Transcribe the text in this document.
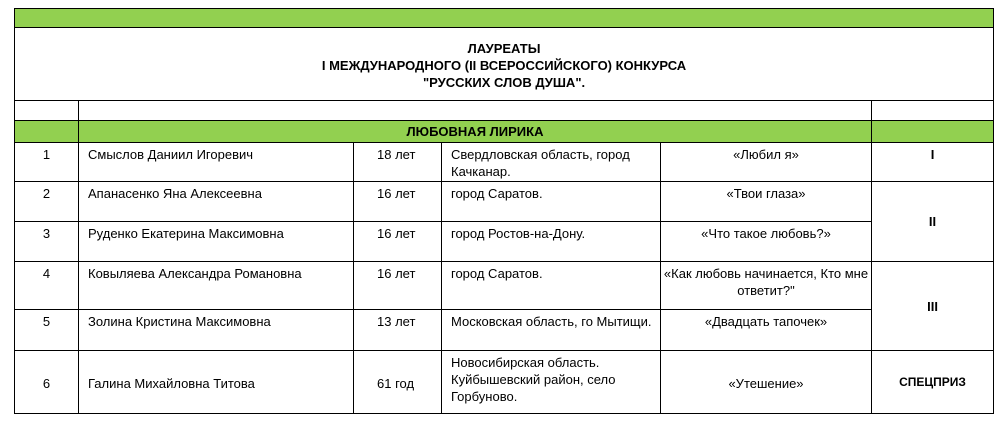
ЛАУРЕАТЫ
I МЕЖДУНАРОДНОГО (II ВСЕРОССИЙСКОГО) КОНКУРСА
"РУССКИХ СЛОВ ДУША".					

	ЛЮБОВНАЯ ЛИРИКА				
1	Смыслов Даниил Игоревич	18 лет	Свердловская область, город Качканар.	«Любил я»	I
2	Апанасенко Яна Алексеевна	16 лет	город Саратов.	«Твои глаза»	II
3	Руденко Екатерина Максимовна	16 лет	город Ростов-на-Дону.	«Что такое любовь?»	
4	Ковыляева Александра Романовна	16 лет	город Саратов.	«Как любовь начинается, Кто мне ответит?"	III
5	Золина Кристина Максимовна	13 лет	Московская область, го Мытищи.	«Двадцать тапочек»	
6	Галина Михайловна Титова	61 год	Новосибирская область. Куйбышевский район, село Горбуново.	«Утешение»	СПЕЦПРИЗ
